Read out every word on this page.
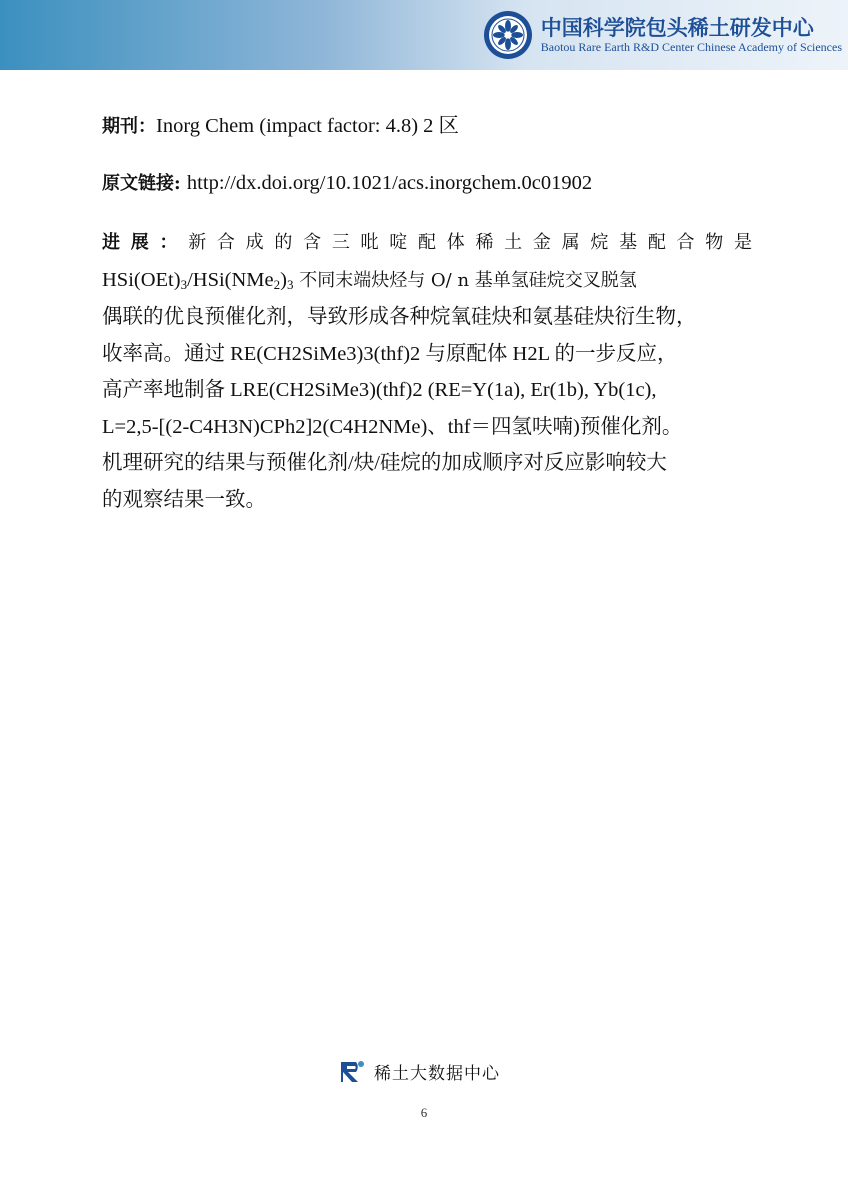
中国科学院包头稀土研发中心
Baotou Rare Earth R&D Center Chinese Academy of Sciences
期刊：Inorg Chem (impact factor: 4.8) 2 区
原文链接: http://dx.doi.org/10.1021/acs.inorgchem.0c01902
进展：新合成的含三吡啶配体稀土金属烷基配合物是
$HSi(OEt)_3/HSi(NMe_2)_3$ 不同末端炔烃与 O/ n 基单氢硅烷交叉脱氢
偶联的优良预催化剂，导致形成各种烷氧硅炔和氨基硅炔衍生物，
收率高。通过 RE(CH2SiMe3)3(thf)2 与原配体 H2L 的一步反应，
高产率地制备 LRE(CH2SiMe3)(thf)2 (RE=Y(1a), Er(1b), Yb(1c),
L=2,5-[(2-C4H3N)CPh2]2(C4H2NMe)、thf＝四氢呋喃)预催化剂。
机理研究的结果与预催化剂/炔/硅烷的加成顺序对反应影响较大
的观察结果一致。
稀土大数据中心
6
